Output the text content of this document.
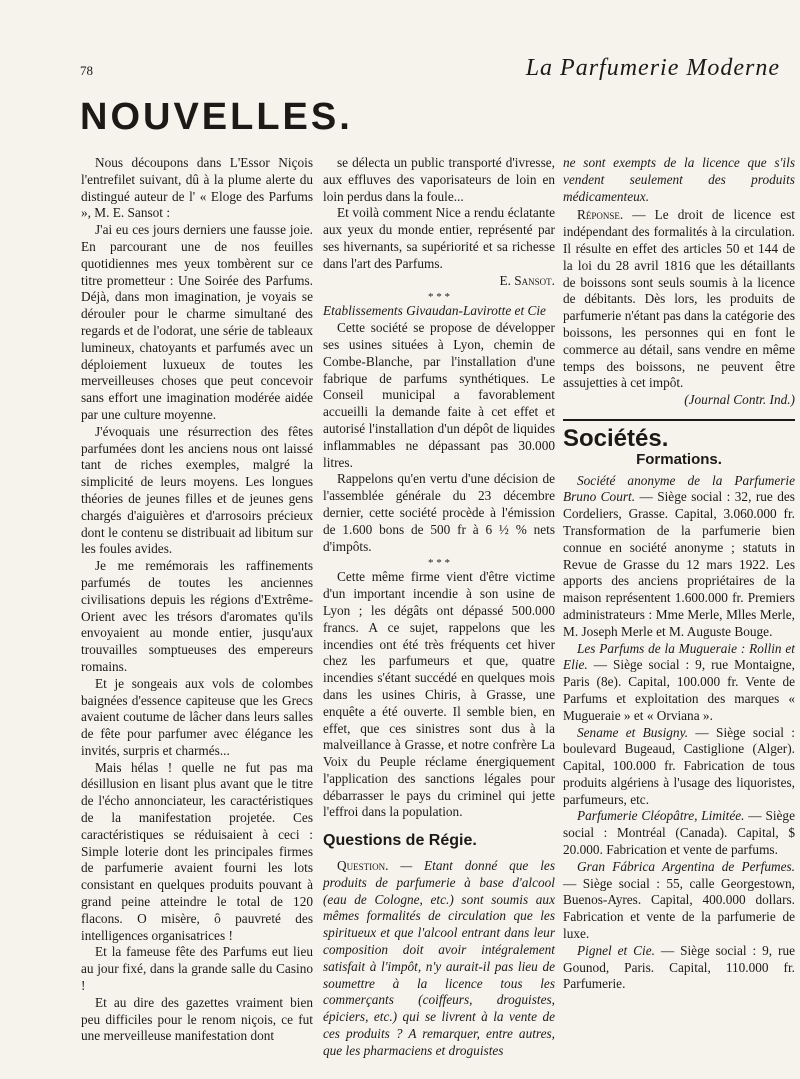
78	La Parfumerie Moderne
NOUVELLES.

Nous découpons dans L'Essor Niçois l'entrefilet suivant, dû à la plume alerte du distingué auteur de l' « Eloge des Parfums », M. E. Sansot :

J'ai eu ces jours derniers une fausse joie. En parcourant une de nos feuilles quotidiennes mes yeux tombèrent sur ce titre prometteur : Une Soirée des Parfums. Déjà, dans mon imagination, je voyais se dérouler pour le charme simultané des regards et de l'odorat, une série de tableaux lumineux, chatoyants et parfumés avec un déploiement luxueux de toutes les merveilleuses choses que peut concevoir sans effort une imagination modérée aidée par une culture moyenne.

J'évoquais une résurrection des fêtes parfumées dont les anciens nous ont laissé tant de riches exemples, malgré la simplicité de leurs moyens. Les longues théories de jeunes filles et de jeunes gens chargés d'aiguières et d'arrosoirs précieux dont le contenu se distribuait ad libitum sur les foules avides.

Je me remémorais les raffinements parfumés de toutes les anciennes civilisations depuis les régions d'Extrême-Orient avec les trésors d'aromates qu'ils envoyaient au monde entier, jusqu'aux trouvailles somptueuses des empereurs romains.

Et je songeais aux vols de colombes baignées d'essence capiteuse que les Grecs avaient coutume de lâcher dans leurs salles de fête pour parfumer avec élégance les invités, surpris et charmés...

Mais hélas ! quelle ne fut pas ma désillusion en lisant plus avant que le titre de l'écho annonciateur, les caractéristiques de la manifestation projetée. Ces caractéristiques se réduisaient à ceci : Simple loterie dont les principales firmes de parfumerie avaient fourni les lots consistant en quelques produits pouvant à grand peine atteindre le total de 120 flacons. O misère, ô pauvreté des intelligences organisatrices !

Et la fameuse fête des Parfums eut lieu au jour fixé, dans la grande salle du Casino !

Et au dire des gazettes vraiment bien peu difficiles pour le renom niçois, ce fut une merveilleuse manifestation dont

se délecta un public transporté d'ivresse, aux effluves des vaporisateurs de loin en loin perdus dans la foule...

Et voilà comment Nice a rendu éclatante aux yeux du monde entier, représenté par ses hivernants, sa supériorité et sa richesse dans l'art des Parfums.

E. Sansot.

* * *

Etablissements Givaudan-Lavirotte et Cie

Cette société se propose de développer ses usines situées à Lyon, chemin de Combe-Blanche, par l'installation d'une fabrique de parfums synthétiques. Le Conseil municipal a favorablement accueilli la demande faite à cet effet et autorisé l'installation d'un dépôt de liquides inflammables ne dépassant pas 30.000 litres.

Rappelons qu'en vertu d'une décision de l'assemblée générale du 23 décembre dernier, cette société procède à l'émission de 1.600 bons de 500 fr à 6 ½ % nets d'impôts.

* * *

Cette même firme vient d'être victime d'un important incendie à son usine de Lyon ; les dégâts ont dépassé 500.000 francs. A ce sujet, rappelons que les incendies ont été très fréquents cet hiver chez les parfumeurs et que, quatre incendies s'étant succédé en quelques mois dans les usines Chiris, à Grasse, une enquête a été ouverte. Il semble bien, en effet, que ces sinistres sont dus à la malveillance à Grasse, et notre confrère La Voix du Peuple réclame énergiquement l'application des sanctions légales pour débarrasser le pays du criminel qui jette l'effroi dans la population.

Questions de Régie.

Question. — Etant donné que les produits de parfumerie à base d'alcool (eau de Cologne, etc.) sont soumis aux mêmes formalités de circulation que les spiritueux et que l'alcool entrant dans leur composition doit avoir intégralement satisfait à l'impôt, n'y aurait-il pas lieu de soumettre à la licence tous les commerçants (coiffeurs, droguistes, épiciers, etc.) qui se livrent à la vente de ces produits ? A remarquer, entre autres, que les pharmaciens et droguistes

ne sont exempts de la licence que s'ils vendent seulement des produits médicamenteux.

Réponse. — Le droit de licence est indépendant des formalités à la circulation. Il résulte en effet des articles 50 et 144 de la loi du 28 avril 1816 que les détaillants de boissons sont seuls soumis à la licence de débitants. Dès lors, les produits de parfumerie n'étant pas dans la catégorie des boissons, les personnes qui en font le commerce au détail, sans vendre en même temps des boissons, ne peuvent être assujetties à cet impôt.

(Journal Contr. Ind.)

Sociétés.
Formations.

Société anonyme de la Parfumerie Bruno Court. — Siège social : 32, rue des Cordeliers, Grasse. Capital, 3.060.000 fr. Transformation de la parfumerie bien connue en société anonyme ; statuts in Revue de Grasse du 12 mars 1922. Les apports des anciens propriétaires de la maison représentent 1.600.000 fr. Premiers administrateurs : Mme Merle, Mlles Merle, M. Joseph Merle et M. Auguste Bouge.

Les Parfums de la Mugueraie : Rollin et Elie. — Siège social : 9, rue Montaigne, Paris (8e). Capital, 100.000 fr. Vente de Parfums et exploitation des marques « Mugueraie » et « Orviana ».

Sename et Busigny. — Siège social : boulevard Bugeaud, Castiglione (Alger). Capital, 100.000 fr. Fabrication de tous produits algériens à l'usage des liquoristes, parfumeurs, etc.

Parfumerie Cléopâtre, Limitée. — Siège social : Montréal (Canada). Capital, $ 20.000. Fabrication et vente de parfums.

Gran Fábrica Argentina de Perfumes. — Siège social : 55, calle Georgestown, Buenos-Ayres. Capital, 400.000 dollars. Fabrication et vente de la parfumerie de luxe.

Pignel et Cie. — Siège social : 9, rue Gounod, Paris. Capital, 110.000 fr. Parfumerie.
